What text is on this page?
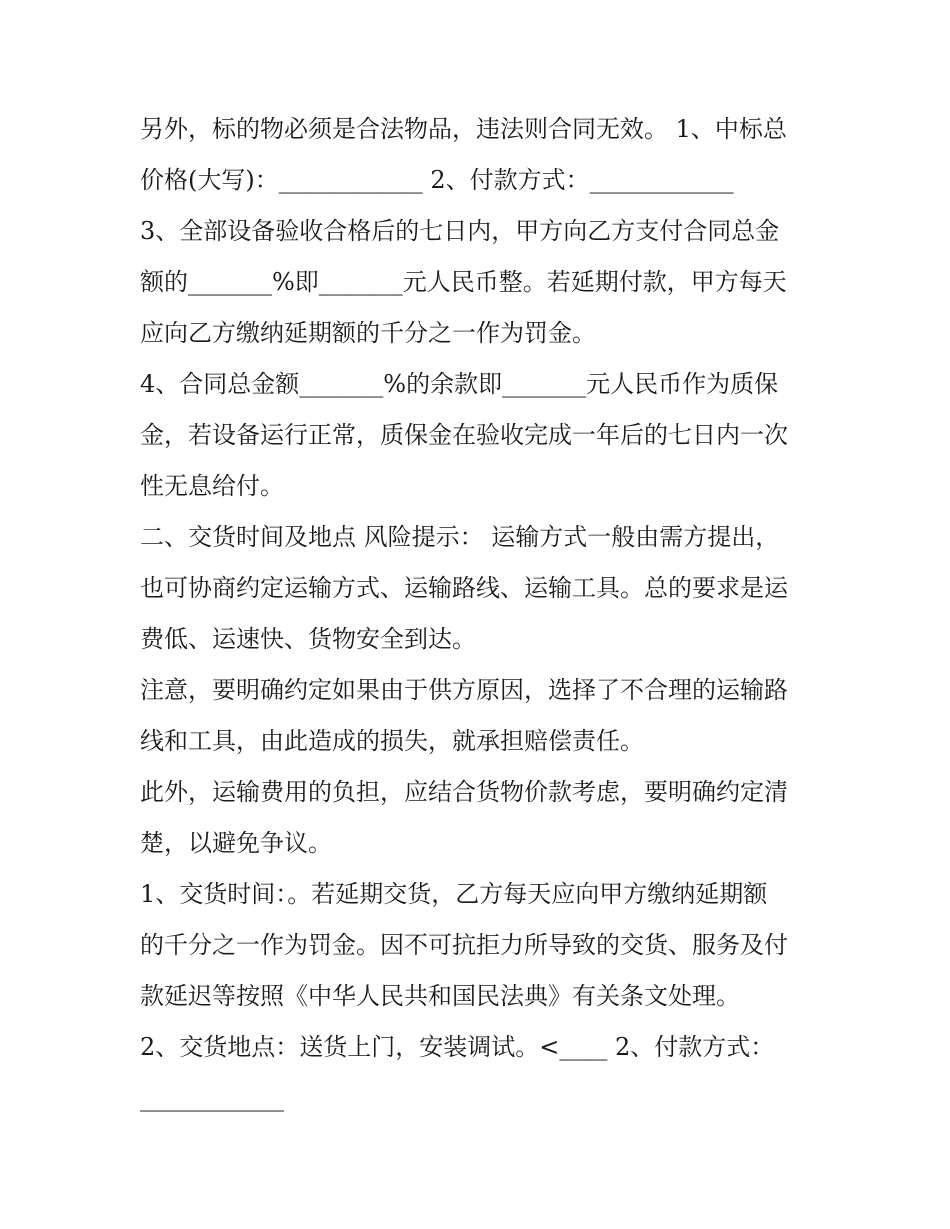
另外，标的物必须是合法物品，违法则合同无效。 1、中标总
价格(大写)：____________ 2、付款方式：____________
3、全部设备验收合格后的七日内，甲方向乙方支付合同总金
额的_______%即_______元人民币整。若延期付款，甲方每天
应向乙方缴纳延期额的千分之一作为罚金。
4、合同总金额_______%的余款即_______元人民币作为质保
金，若设备运行正常，质保金在验收完成一年后的七日内一次
性无息给付。
二、交货时间及地点 风险提示： 运输方式一般由需方提出，
也可协商约定运输方式、运输路线、运输工具。总的要求是运
费低、运速快、货物安全到达。
注意，要明确约定如果由于供方原因，选择了不合理的运输路
线和工具，由此造成的损失，就承担赔偿责任。
此外，运输费用的负担，应结合货物价款考虑，要明确约定清
楚，以避免争议。
1、交货时间：。若延期交货，乙方每天应向甲方缴纳延期额
的千分之一作为罚金。因不可抗拒力所导致的交货、服务及付
款延迟等按照《中华人民共和国民法典》有关条文处理。
2、交货地点：送货上门，安装调试。<____ 2、付款方式：
____________
